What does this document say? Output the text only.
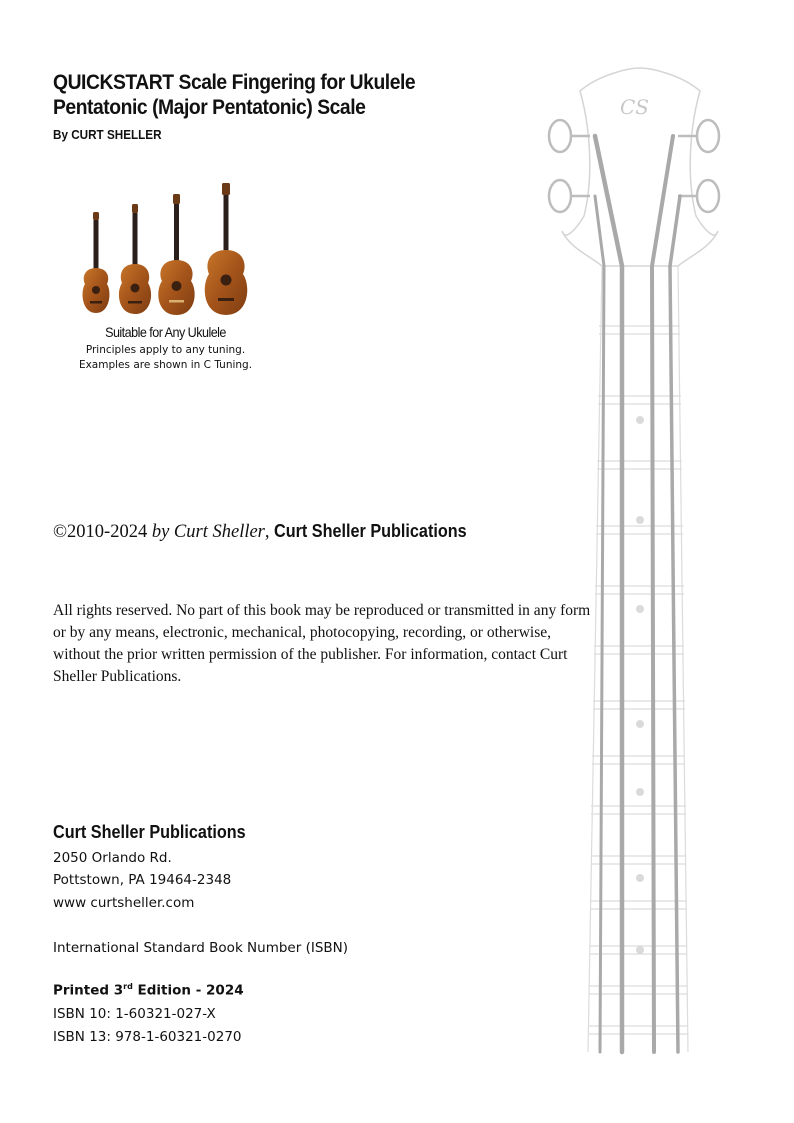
QUICKSTART Scale Fingering for Ukulele
Pentatonic (Major Pentatonic) Scale
By CURT SHELLER
Suitable for Any Ukulele
Principles apply to any tuning.
Examples are shown in C Tuning.
©2010-2024 by Curt Sheller, Curt Sheller Publications
All rights reserved. No part of this book may be reproduced or transmitted in any form or by any means, electronic, mechanical, photocopying, recording, or otherwise, without the prior written permission of the publisher. For information, contact Curt Sheller Publications.
Curt Sheller Publications
2050 Orlando Rd.
Pottstown, PA 19464-2348
www curtsheller.com
International Standard Book Number (ISBN)
Printed 3rd Edition - 2024
ISBN 10: 1-60321-027-X
ISBN 13: 978-1-60321-0270
CS
